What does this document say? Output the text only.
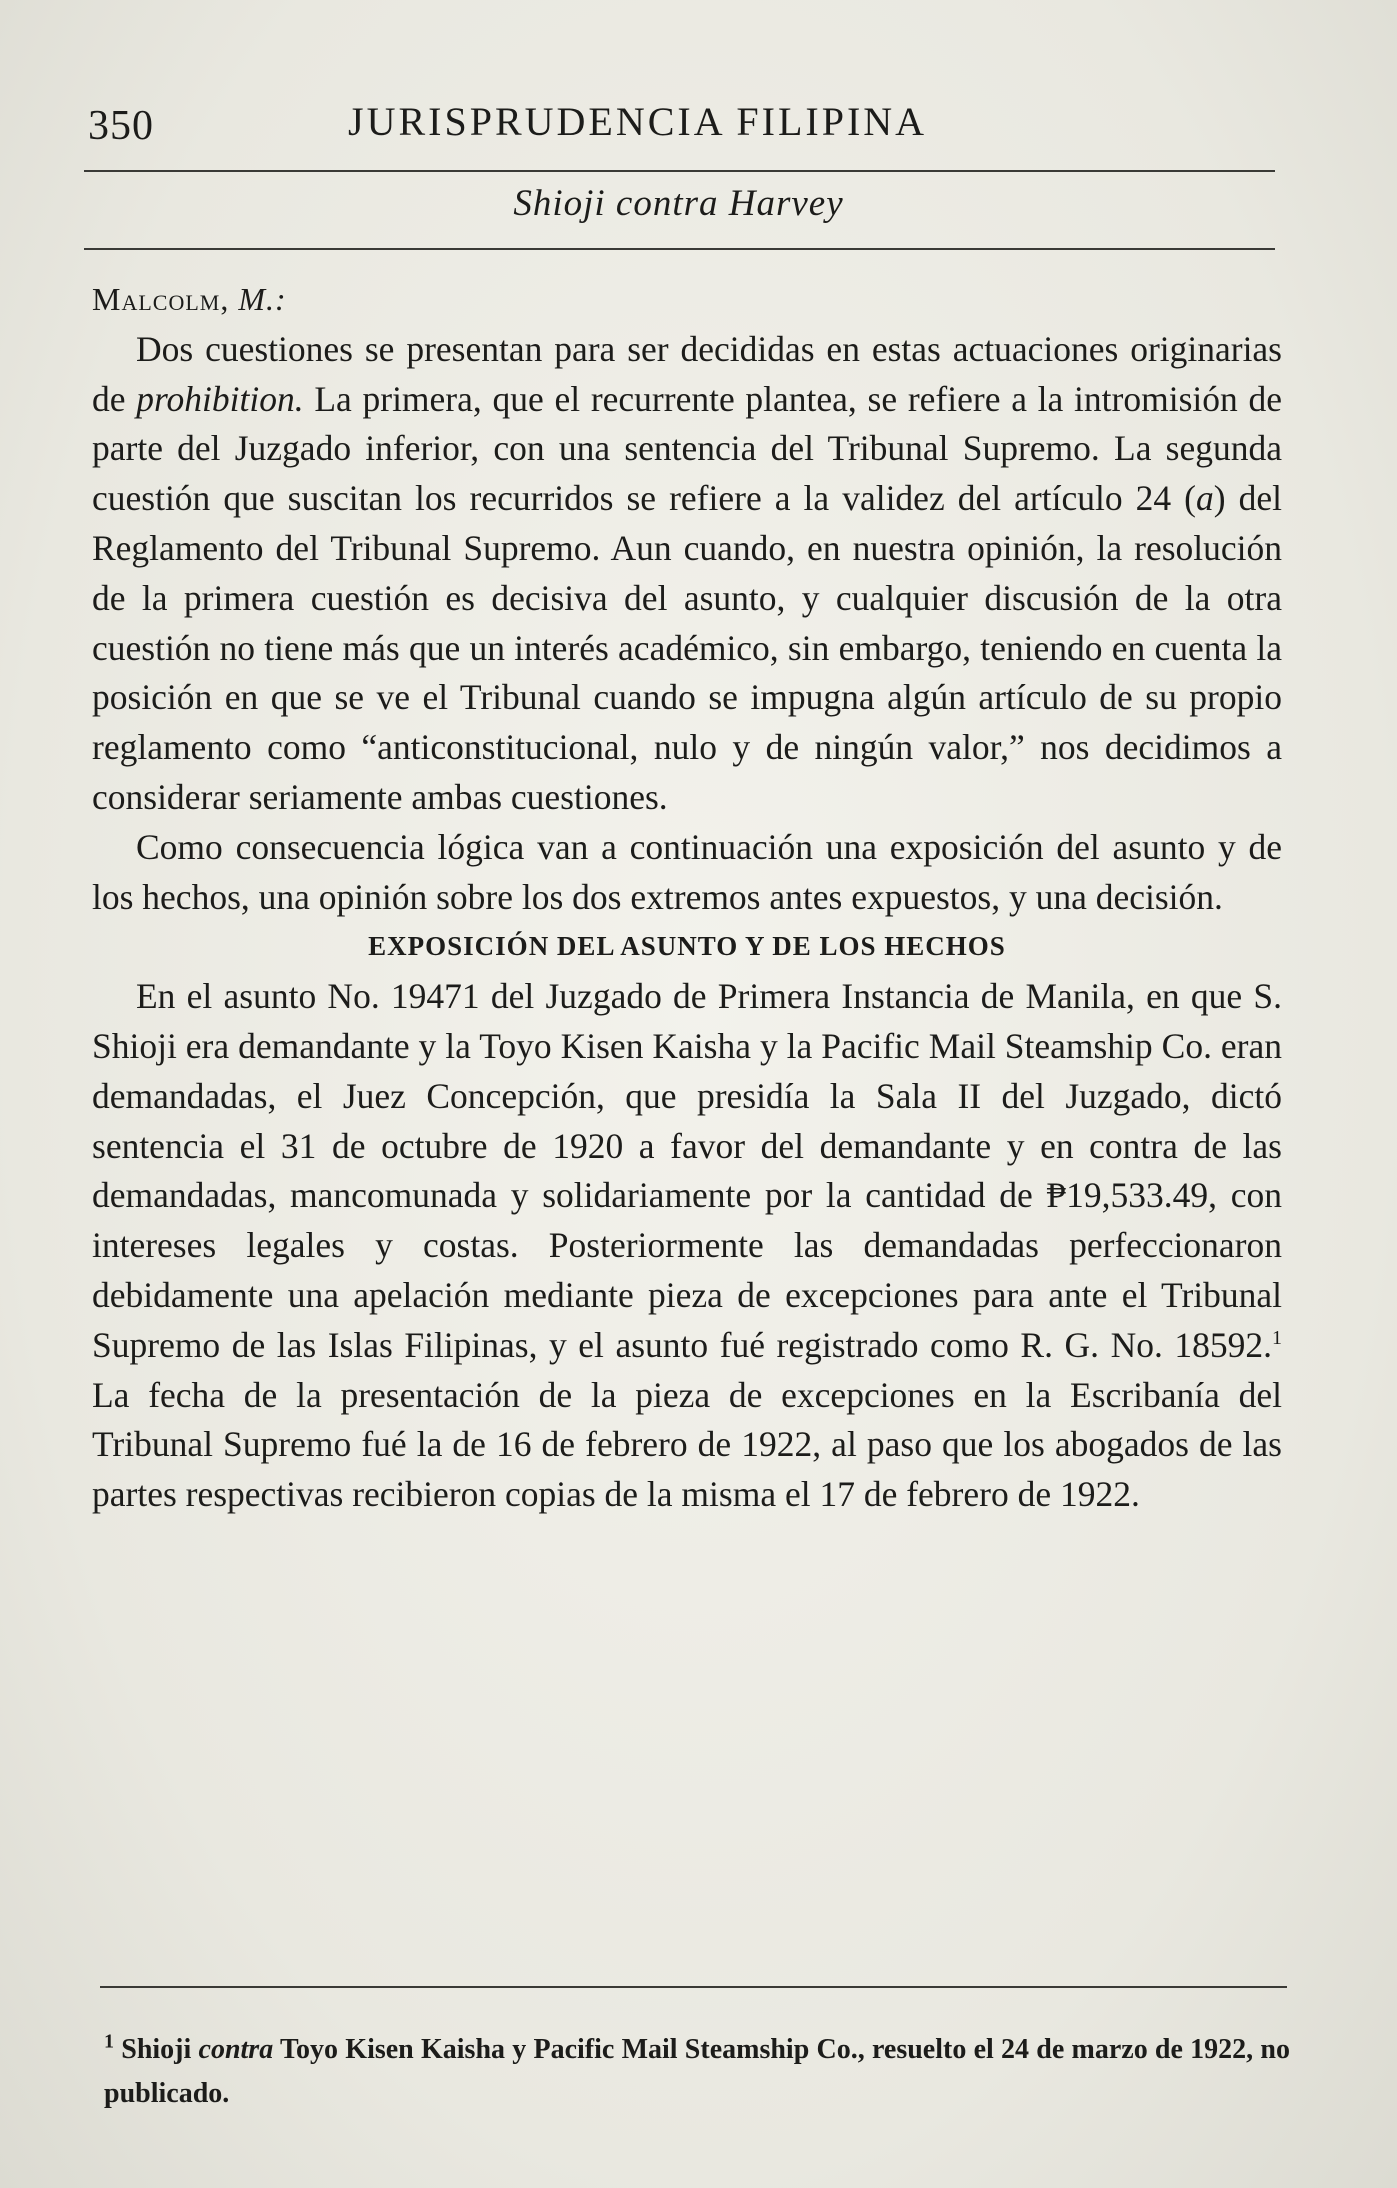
350	JURISPRUDENCIA FILIPINA
Shioji contra Harvey

Malcolm, M.:

Dos cuestiones se presentan para ser decididas en estas actuaciones originarias de prohibition. La primera, que el recurrente plantea, se refiere a la intromisión de parte del Juzgado inferior, con una sentencia del Tribunal Supremo. La segunda cuestión que suscitan los recurridos se refiere a la validez del artículo 24 (a) del Reglamento del Tribunal Supremo. Aun cuando, en nuestra opinión, la resolución de la primera cuestión es decisiva del asunto, y cualquier discusión de la otra cuestión no tiene más que un interés académico, sin embargo, teniendo en cuenta la posición en que se ve el Tribunal cuando se impugna algún artículo de su propio reglamento como “anticonstitucional, nulo y de ningún valor,” nos decidimos a considerar seriamente ambas cuestiones.

Como consecuencia lógica van a continuación una exposición del asunto y de los hechos, una opinión sobre los dos extremos antes expuestos, y una decisión.

EXPOSICIÓN DEL ASUNTO Y DE LOS HECHOS

En el asunto No. 19471 del Juzgado de Primera Instancia de Manila, en que S. Shioji era demandante y la Toyo Kisen Kaisha y la Pacific Mail Steamship Co. eran demandadas, el Juez Concepción, que presidía la Sala II del Juzgado, dictó sentencia el 31 de octubre de 1920 a favor del demandante y en contra de las demandadas, mancomunada y solidariamente por la cantidad de ₱19,533.49, con intereses legales y costas. Posteriormente las demandadas perfeccionaron debidamente una apelación mediante pieza de excepciones para ante el Tribunal Supremo de las Islas Filipinas, y el asunto fué registrado como R. G. No. 18592.$^1$ La fecha de la presentación de la pieza de excepciones en la Escribanía del Tribunal Supremo fué la de 16 de febrero de 1922, al paso que los abogados de las partes respectivas recibieron copias de la misma el 17 de febrero de 1922.

$^1$ Shioji contra Toyo Kisen Kaisha y Pacific Mail Steamship Co., resuelto el 24 de marzo de 1922, no publicado.
